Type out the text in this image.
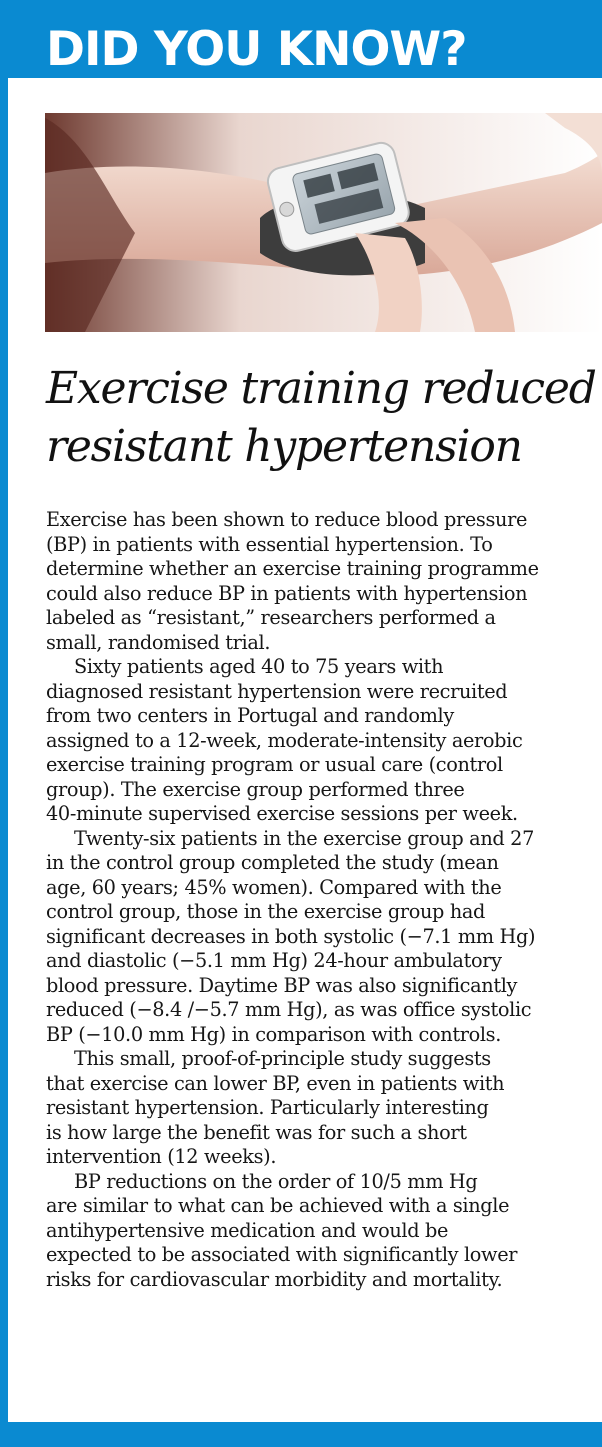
DID YOU KNOW?
Exercise training reduced
resistant hypertension

Exercise has been shown to reduce blood pressure
(BP) in patients with essential hypertension. To
determine whether an exercise training programme
could also reduce BP in patients with hypertension
labeled as “resistant,” researchers performed a
small, randomised trial.

Sixty patients aged 40 to 75 years with
diagnosed resistant hypertension were recruited
from two centers in Portugal and randomly
assigned to a 12-week, moderate-intensity aerobic
exercise training program or usual care (control
group). The exercise group performed three
40-minute supervised exercise sessions per week.

Twenty-six patients in the exercise group and 27
in the control group completed the study (mean
age, 60 years; 45% women). Compared with the
control group, those in the exercise group had
significant decreases in both systolic (−7.1 mm Hg)
and diastolic (−5.1 mm Hg) 24-hour ambulatory
blood pressure. Daytime BP was also significantly
reduced (−8.4 /−5.7 mm Hg), as was office systolic
BP (−10.0 mm Hg) in comparison with controls.

This small, proof-of-principle study suggests
that exercise can lower BP, even in patients with
resistant hypertension. Particularly interesting
is how large the benefit was for such a short
intervention (12 weeks).

BP reductions on the order of 10/5 mm Hg
are similar to what can be achieved with a single
antihypertensive medication and would be
expected to be associated with significantly lower
risks for cardiovascular morbidity and mortality.
